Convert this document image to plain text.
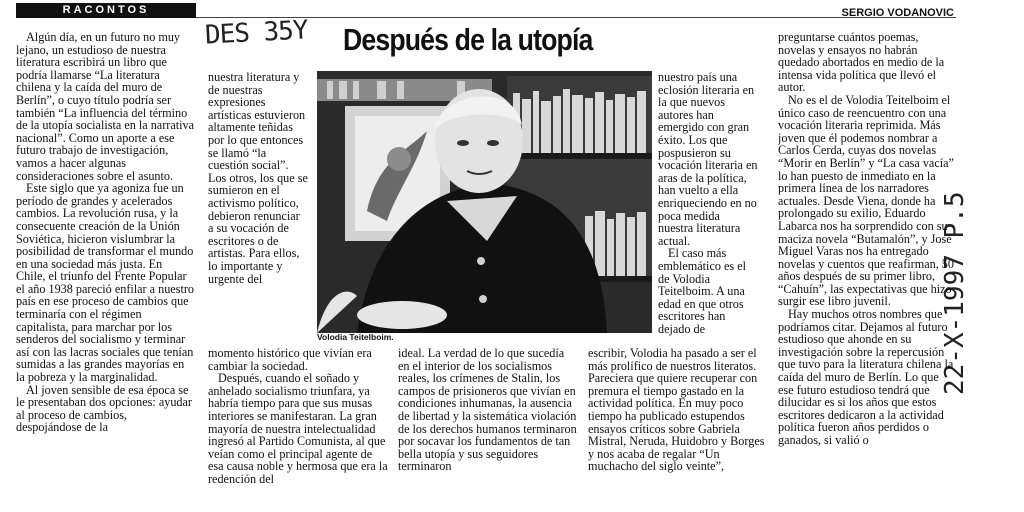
RACONTOS	SERGIO VODANOVIC
DES 35Y
22-X-1997 P.5
Después de la utopía
Algún día, en un futuro no muy lejano, un estudioso de nuestra literatura escribirá un libro que podría llamarse “La literatura chilena y la caída del muro de Berlín”, o cuyo título podría ser también “La influencia del término de la utopía socialista en la narrativa nacional”. Como un aporte a ese futuro trabajo de investigación, vamos a hacer algunas consideraciones sobre el asunto.
Este siglo que ya agoniza fue un período de grandes y acelerados cambios. La revolución rusa, y la consecuente creación de la Unión Soviética, hicieron vislumbrar la posibilidad de transformar el mundo en una sociedad más justa. En Chile, el triunfo del Frente Popular el año 1938 pareció enfilar a nuestro país en ese proceso de cambios que terminaría con el régimen capitalista, para marchar por los senderos del socialismo y terminar así con las lacras sociales que tenían sumidas a las grandes mayorías en la pobreza y la marginalidad.
Al joven sensible de esa época se le presentaban dos opciones: ayudar al proceso de cambios, despojándose de la
nuestra literatura y de nuestras expresiones artísticas estuvieron altamente teñidas por lo que entonces se llamó “la cuestión social”. Los otros, los que se sumieron en el activismo político, debieron renunciar a su vocación de escritores o de artistas. Para ellos, lo importante y urgente del
momento histórico que vivían era cambiar la sociedad.
Después, cuando el soñado y anhelado socialismo triunfara, ya habría tiempo para que sus musas interiores se manifestaran. La gran mayoría de nuestra intelectualidad ingresó al Partido Comunista, al que veían como el principal agente de esa causa noble y hermosa que era la redención del
ideal. La verdad de lo que sucedía en el interior de los socialismos reales, los crímenes de Stalin, los campos de prisioneros que vivían en condiciones inhumanas, la ausencia de libertad y la sistemática violación de los derechos humanos terminaron por socavar los fundamentos de tan bella utopía y sus seguidores terminaron
nuestro país una eclosión literaria en la que nuevos autores han emergido con gran éxito. Los que pospusieron su vocación literaria en aras de la política, han vuelto a ella enriqueciendo en no poca medida nuestra literatura actual.
El caso más emblemático es el de Volodia Teitelboim. A una edad en que otros escritores han dejado de
escribir, Volodia ha pasado a ser el más prolífico de nuestros literatos. Pareciera que quiere recuperar con premura el tiempo gastado en la actividad política. En muy poco tiempo ha publicado estupendos ensayos críticos sobre Gabriela Mistral, Neruda, Huidobro y Borges y nos acaba de regalar “Un muchacho del siglo veinte”,
preguntarse cuántos poemas, novelas y ensayos no habrán quedado abortados en medio de la intensa vida política que llevó el autor.
No es el de Volodia Teitelboim el único caso de reencuentro con una vocación literaria reprimida. Más joven que él podemos nombrar a Carlos Cerda, cuyas dos novelas “Morir en Berlín” y “La casa vacía” lo han puesto de inmediato en la primera línea de los narradores actuales. Desde Viena, donde ha prolongado su exilio, Eduardo Labarca nos ha sorprendido con su maciza novela “Butamalón”, y José Miguel Varas nos ha entregado novelas y cuentos que reafirman, 50 años después de su primer libro, “Cahuín”, las expectativas que hizo surgir ese libro juvenil.
Hay muchos otros nombres que podríamos citar. Dejamos al futuro estudioso que ahonde en su investigación sobre la repercusión que tuvo para la literatura chilena la caída del muro de Berlín. Lo que ese futuro estudioso tendrá que dilucidar es si los años que estos escritores dedicaron a la actividad política fueron años perdidos o ganados, si valió o
Volodia Teitelboim.
